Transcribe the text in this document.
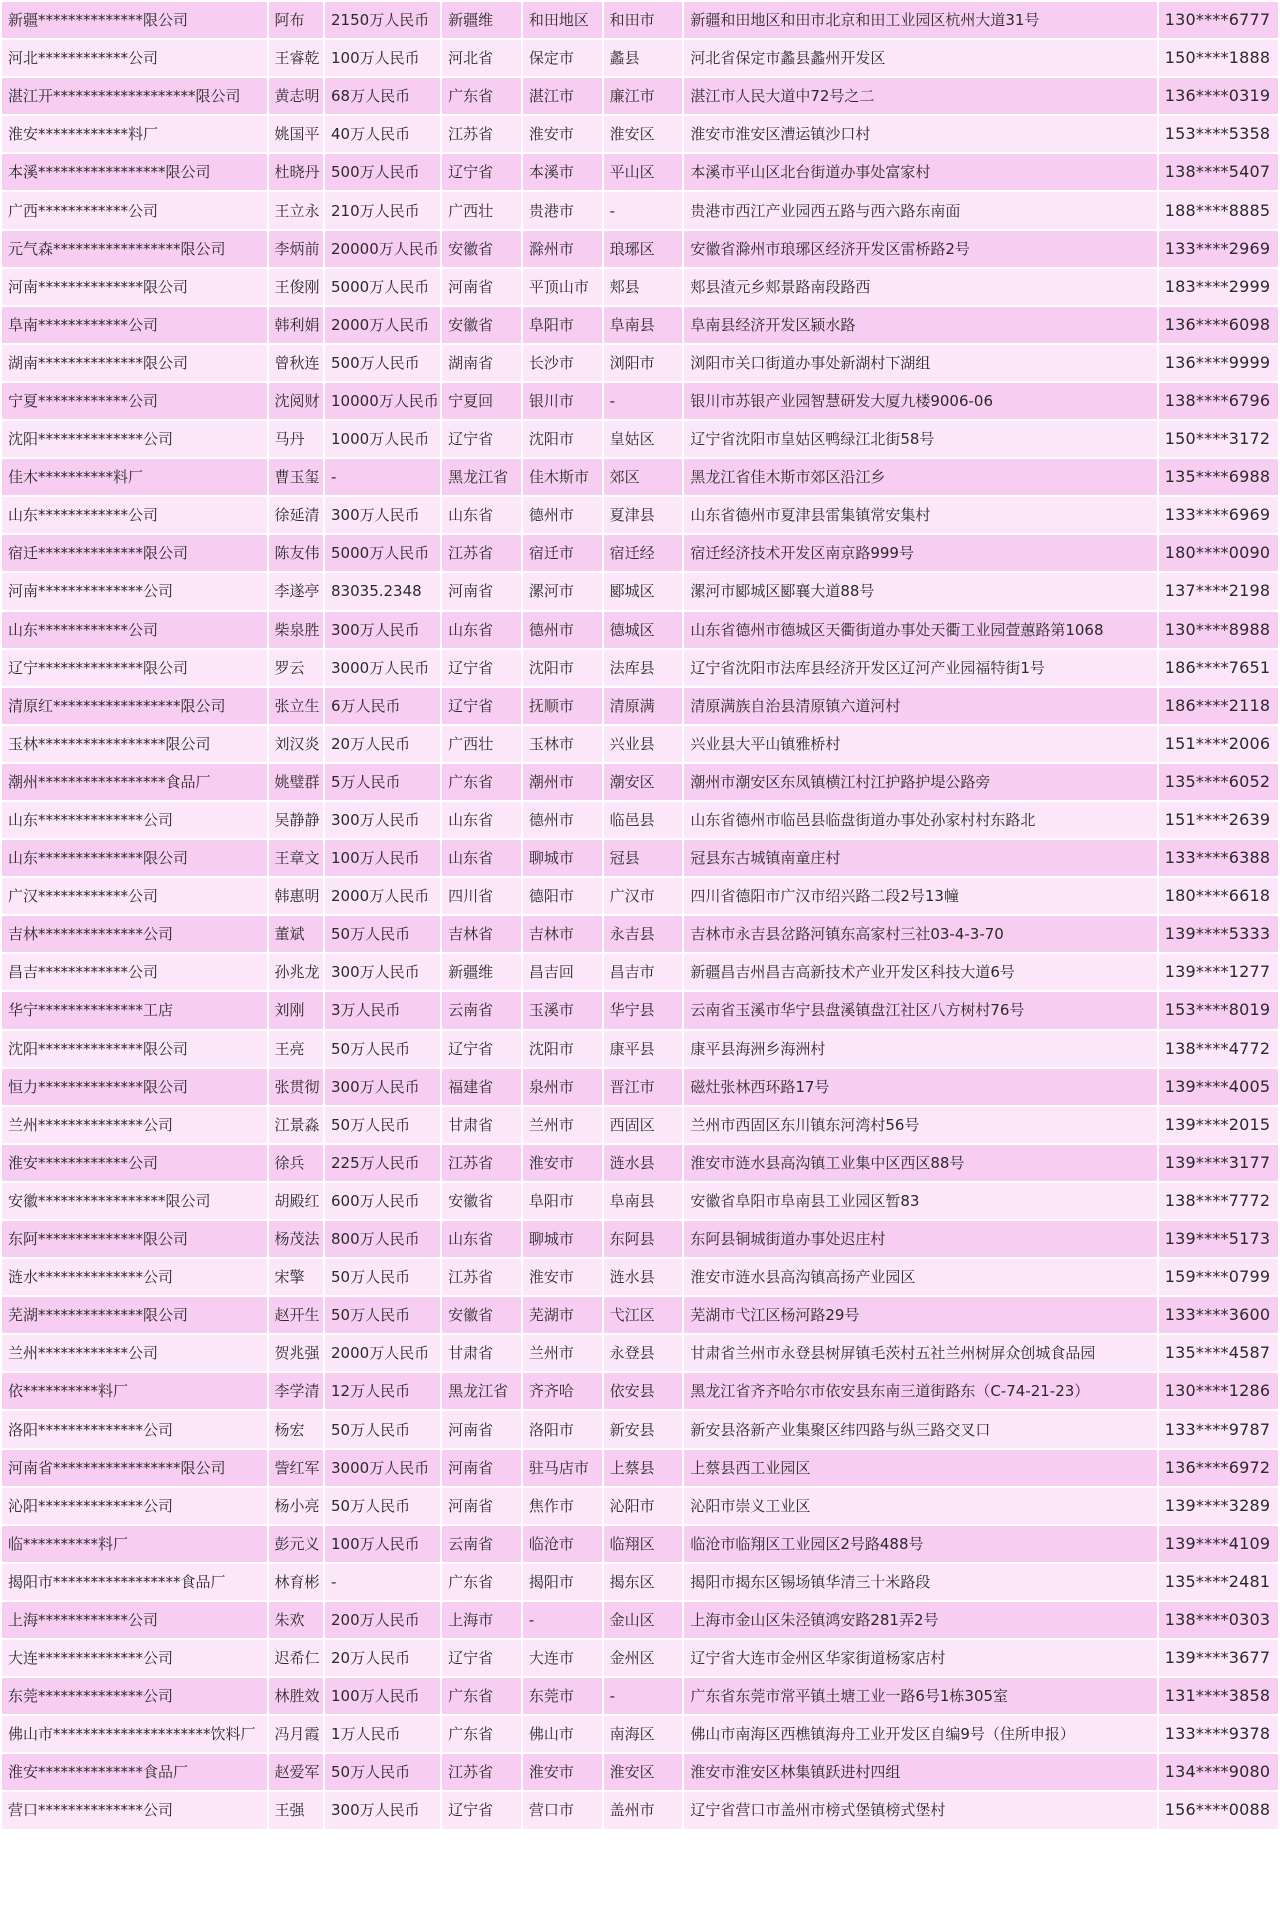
新疆**************限公司	阿布	2150万人民币	新疆维	和田地区	和田市	新疆和田地区和田市北京和田工业园区杭州大道31号	130****6777
河北************公司	王睿乾	100万人民币	河北省	保定市	蠡县	河北省保定市蠡县蠡州开发区	150****1888
湛江开*******************限公司	黄志明	68万人民币	广东省	湛江市	廉江市	湛江市人民大道中72号之二	136****0319
淮安************料厂	姚国平	40万人民币	江苏省	淮安市	淮安区	淮安市淮安区漕运镇沙口村	153****5358
本溪*****************限公司	杜晓丹	500万人民币	辽宁省	本溪市	平山区	本溪市平山区北台街道办事处富家村	138****5407
广西************公司	王立永	210万人民币	广西壮	贵港市	-	贵港市西江产业园西五路与西六路东南面	188****8885
元气森*****************限公司	李炳前	20000万人民币	安徽省	滁州市	琅琊区	安徽省滁州市琅琊区经济开发区雷桥路2号	133****2969
河南**************限公司	王俊刚	5000万人民币	河南省	平顶山市	郏县	郏县渣元乡郏景路南段路西	183****2999
阜南************公司	韩利娟	2000万人民币	安徽省	阜阳市	阜南县	阜南县经济开发区颍水路	136****6098
湖南**************限公司	曾秋连	500万人民币	湖南省	长沙市	浏阳市	浏阳市关口街道办事处新湖村下湖组	136****9999
宁夏************公司	沈阅财	10000万人民币	宁夏回	银川市	-	银川市苏银产业园智慧研发大厦九楼9006-06	138****6796
沈阳**************公司	马丹	1000万人民币	辽宁省	沈阳市	皇姑区	辽宁省沈阳市皇姑区鸭绿江北街58号	150****3172
佳木**********料厂	曹玉玺	-	黑龙江省	佳木斯市	郊区	黑龙江省佳木斯市郊区沿江乡	135****6988
山东************公司	徐延清	300万人民币	山东省	德州市	夏津县	山东省德州市夏津县雷集镇常安集村	133****6969
宿迁**************限公司	陈友伟	5000万人民币	江苏省	宿迁市	宿迁经	宿迁经济技术开发区南京路999号	180****0090
河南**************公司	李遂亭	83035.2348	河南省	漯河市	郾城区	漯河市郾城区郾襄大道88号	137****2198
山东************公司	柴泉胜	300万人民币	山东省	德州市	德城区	山东省德州市德城区天衢街道办事处天衢工业园萱蕙路第1068	130****8988
辽宁**************限公司	罗云	3000万人民币	辽宁省	沈阳市	法库县	辽宁省沈阳市法库县经济开发区辽河产业园福特街1号	186****7651
清原红*****************限公司	张立生	6万人民币	辽宁省	抚顺市	清原满	清原满族自治县清原镇六道河村	186****2118
玉林*****************限公司	刘汉炎	20万人民币	广西壮	玉林市	兴业县	兴业县大平山镇雅桥村	151****2006
潮州*****************食品厂	姚璧群	5万人民币	广东省	潮州市	潮安区	潮州市潮安区东凤镇横江村江护路护堤公路旁	135****6052
山东**************公司	吴静静	300万人民币	山东省	德州市	临邑县	山东省德州市临邑县临盘街道办事处孙家村村东路北	151****2639
山东**************限公司	王章文	100万人民币	山东省	聊城市	冠县	冠县东古城镇南童庄村	133****6388
广汉************公司	韩惠明	2000万人民币	四川省	德阳市	广汉市	四川省德阳市广汉市绍兴路二段2号13幢	180****6618
吉林**************公司	董斌	50万人民币	吉林省	吉林市	永吉县	吉林市永吉县岔路河镇东高家村三社03-4-3-70	139****5333
昌吉************公司	孙兆龙	300万人民币	新疆维	昌吉回	昌吉市	新疆昌吉州昌吉高新技术产业开发区科技大道6号	139****1277
华宁**************工店	刘刚	3万人民币	云南省	玉溪市	华宁县	云南省玉溪市华宁县盘溪镇盘江社区八方树村76号	153****8019
沈阳**************限公司	王亮	50万人民币	辽宁省	沈阳市	康平县	康平县海洲乡海洲村	138****4772
恒力**************限公司	张贯彻	300万人民币	福建省	泉州市	晋江市	磁灶张林西环路17号	139****4005
兰州**************公司	江景淼	50万人民币	甘肃省	兰州市	西固区	兰州市西固区东川镇东河湾村56号	139****2015
淮安************公司	徐兵	225万人民币	江苏省	淮安市	涟水县	淮安市涟水县高沟镇工业集中区西区88号	139****3177
安徽*****************限公司	胡殿红	600万人民币	安徽省	阜阳市	阜南县	安徽省阜阳市阜南县工业园区暂83	138****7772
东阿**************限公司	杨茂法	800万人民币	山东省	聊城市	东阿县	东阿县铜城街道办事处迟庄村	139****5173
涟水**************公司	宋擎	50万人民币	江苏省	淮安市	涟水县	淮安市涟水县高沟镇高扬产业园区	159****0799
芜湖**************限公司	赵开生	50万人民币	安徽省	芜湖市	弋江区	芜湖市弋江区杨河路29号	133****3600
兰州************公司	贺兆强	2000万人民币	甘肃省	兰州市	永登县	甘肃省兰州市永登县树屏镇毛茨村五社兰州树屏众创城食品园	135****4587
依**********料厂	李学清	12万人民币	黑龙江省	齐齐哈	依安县	黑龙江省齐齐哈尔市依安县东南三道街路东（C-74-21-23）	130****1286
洛阳**************公司	杨宏	50万人民币	河南省	洛阳市	新安县	新安县洛新产业集聚区纬四路与纵三路交叉口	133****9787
河南省*****************限公司	訾红军	3000万人民币	河南省	驻马店市	上蔡县	上蔡县西工业园区	136****6972
沁阳**************公司	杨小亮	50万人民币	河南省	焦作市	沁阳市	沁阳市崇义工业区	139****3289
临**********料厂	彭元义	100万人民币	云南省	临沧市	临翔区	临沧市临翔区工业园区2号路488号	139****4109
揭阳市*****************食品厂	林育彬	-	广东省	揭阳市	揭东区	揭阳市揭东区锡场镇华清三十米路段	135****2481
上海************公司	朱欢	200万人民币	上海市	-	金山区	上海市金山区朱泾镇鸿安路281弄2号	138****0303
大连**************公司	迟希仁	20万人民币	辽宁省	大连市	金州区	辽宁省大连市金州区华家街道杨家店村	139****3677
东莞**************公司	林胜效	100万人民币	广东省	东莞市	-	广东省东莞市常平镇土塘工业一路6号1栋305室	131****3858
佛山市*********************饮料厂	冯月霞	1万人民币	广东省	佛山市	南海区	佛山市南海区西樵镇海舟工业开发区自编9号（住所申报）	133****9378
淮安**************食品厂	赵爱军	50万人民币	江苏省	淮安市	淮安区	淮安市淮安区林集镇跃进村四组	134****9080
营口**************公司	王强	300万人民币	辽宁省	营口市	盖州市	辽宁省营口市盖州市榜式堡镇榜式堡村	156****0088
